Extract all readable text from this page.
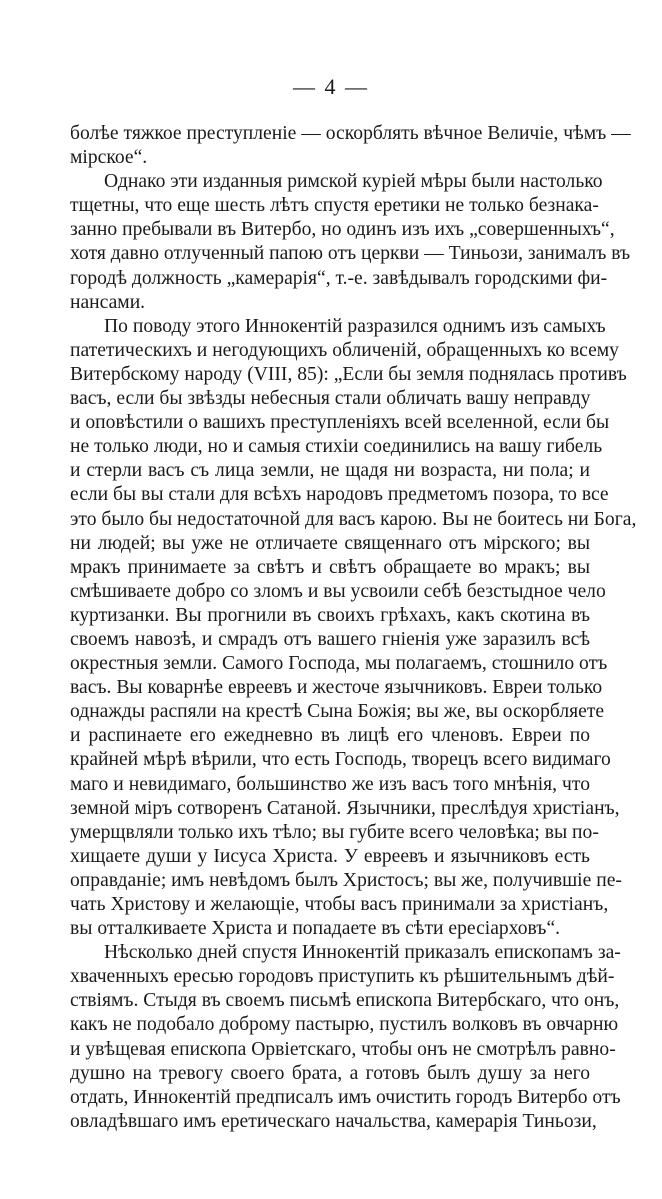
— 4 —
болѣе тяжкое преступленіе — оскорблять вѣчное Величіе, чѣмъ —
мірское“.
Однако эти изданныя римской куріей мѣры были настолько
тщетны, что еще шесть лѣтъ спустя еретики не только безнака-
занно пребывали въ Витербо, но одинъ изъ ихъ „совершенныхъ“,
хотя давно отлученный папою отъ церкви — Тиньози, занималъ въ
городѣ должность „камерарія“, т.-е. завѣдывалъ городскими фи-
нансами.
По поводу этого Иннокентій разразился однимъ изъ самыхъ
патетическихъ и негодующихъ обличеній, обращенныхъ ко всему
Витербскому народу (VIII, 85): „Если бы земля поднялась противъ
васъ, если бы звѣзды небесныя стали обличать вашу неправду
и оповѣстили о вашихъ преступленіяхъ всей вселенной, если бы
не только люди, но и самыя стихіи соединились на вашу гибель
и стерли васъ съ лица земли, не щадя ни возраста, ни пола; и
если бы вы стали для всѣхъ народовъ предметомъ позора, то все
это было бы недостаточной для васъ карою. Вы не боитесь ни Бога,
ни людей; вы уже не отличаете священнаго отъ мірского; вы
мракъ принимаете за свѣтъ и свѣтъ обращаете во мракъ; вы
смѣшиваете добро со зломъ и вы усвоили себѣ безстыдное чело
куртизанки. Вы прогнили въ своихъ грѣхахъ, какъ скотина въ
своемъ навозѣ, и смрадъ отъ вашего гніенія уже заразилъ всѣ
окрестныя земли. Самого Господа, мы полагаемъ, стошнило отъ
васъ. Вы коварнѣе евреевъ и жесточе язычниковъ. Евреи только
однажды распяли на крестѣ Сына Божія; вы же, вы оскорбляете
и распинаете его ежедневно въ лицѣ его членовъ. Евреи по
крайней мѣрѣ вѣрили, что есть Господь, творецъ всего видимаго
маго и невидимаго, большинство же изъ васъ того мнѣнія, что
земной міръ сотворенъ Сатаной. Язычники, преслѣдуя христіанъ,
умерщвляли только ихъ тѣло; вы губите всего человѣка; вы по-
хищаете души у Іисуса Христа. У евреевъ и язычниковъ есть
оправданіе; имъ невѣдомъ былъ Христосъ; вы же, получившіе пе-
чать Христову и желающіе, чтобы васъ принимали за христіанъ,
вы отталкиваете Христа и попадаете въ сѣти ересіарховъ“.
Нѣсколько дней спустя Иннокентій приказалъ епископамъ за-
хваченныхъ ересью городовъ приступить къ рѣшительнымъ дѣй-
ствіямъ. Стыдя въ своемъ письмѣ епископа Витербскаго, что онъ,
какъ не подобало доброму пастырю, пустилъ волковъ въ овчарню
и увѣщевая епископа Орвіетскаго, чтобы онъ не смотрѣлъ равно-
душно на тревогу своего брата, а готовъ былъ душу за него
отдать, Иннокентій предписалъ имъ очистить городъ Витербо отъ
овладѣвшаго имъ еретическаго начальства, камерарія Тиньози,
